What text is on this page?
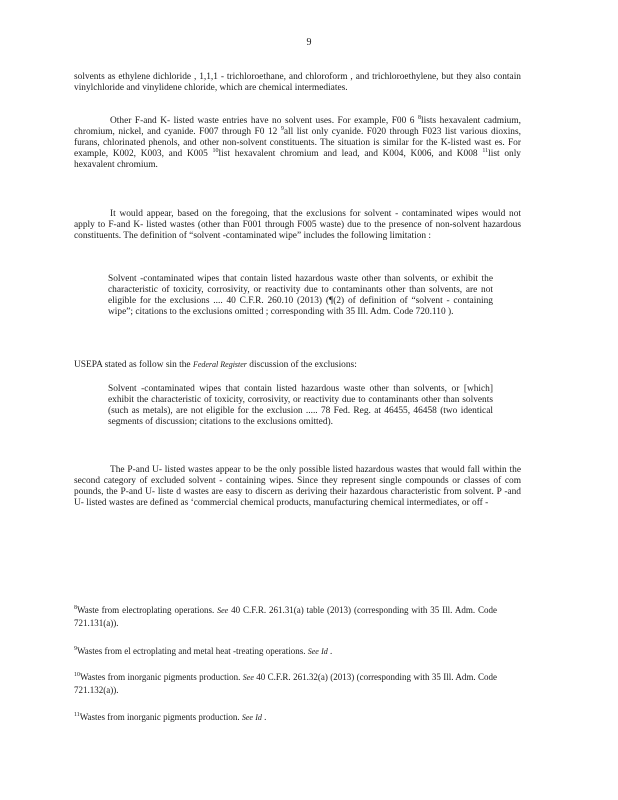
9

solvents as ethylene dichloride , 1,1,1 - trichloroethane, and chloroform , and trichloroethylene, but they also contain vinylchloride and vinylidene chloride, which are chemical intermediates.

Other F-and K- listed waste entries have no solvent uses. For example, F00 6 $^8$lists hexavalent cadmium, chromium, nickel, and cyanide. F007 through F0 12 $^9$all list only cyanide. F020 through F023 list various dioxins, furans, chlorinated phenols, and other non-solvent constituents. The situation is similar for the K-listed wast es. For example, K002, K003, and K005 $^{10}$list hexavalent chromium and lead, and K004, K006, and K008 $^{11}$list only hexavalent chromium.

It would appear, based on the foregoing, that the exclusions for solvent - contaminated wipes would not apply to F-and K- listed wastes (other than F001 through F005 waste) due to the presence of non-solvent hazardous constituents. The definition of “solvent -contaminated wipe” includes the following limitation :

Solvent -contaminated wipes that contain listed hazardous waste other than solvents, or exhibit the characteristic of toxicity, corrosivity, or reactivity due to contaminants other than solvents, are not eligible for the exclusions .... 40 C.F.R. 260.10 (2013) (¶(2) of definition of “solvent - containing wipe”; citations to the exclusions omitted ; corresponding with 35 Ill. Adm. Code 720.110 ).

USEPA stated as follow sin the Federal Register discussion of the exclusions:

Solvent -contaminated wipes that contain listed hazardous waste other than solvents, or [which] exhibit the characteristic of toxicity, corrosivity, or reactivity due to contaminants other than solvents (such as metals), are not eligible for the exclusion ..... 78 Fed. Reg. at 46455, 46458 (two identical segments of discussion; citations to the exclusions omitted).

The P-and U- listed wastes appear to be the only possible listed hazardous wastes that would fall within the second category of excluded solvent - containing wipes. Since they represent single compounds or classes of com pounds, the P-and U- liste d wastes are easy to discern as deriving their hazardous characteristic from solvent. P -and U- listed wastes are defined as ‘commercial chemical products, manufacturing chemical intermediates, or off -

$^8$Waste from electroplating operations. See 40 C.F.R. 261.31(a) table (2013) (corresponding with 35 Ill. Adm. Code 721.131(a)).
$^9$Wastes from el ectroplating and metal heat -treating operations. See Id .
$^{10}$Wastes from inorganic pigments production. See 40 C.F.R. 261.32(a) (2013) (corresponding with 35 Ill. Adm. Code 721.132(a)).
$^{11}$Wastes from inorganic pigments production. See Id .
